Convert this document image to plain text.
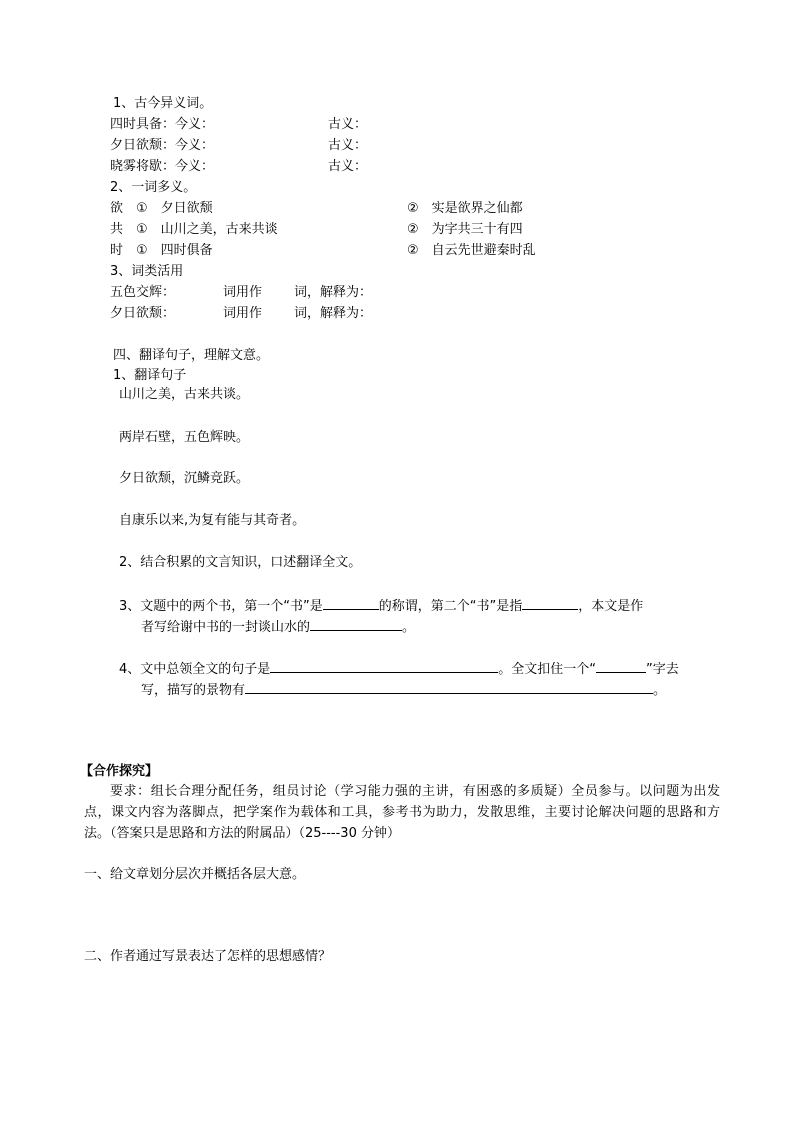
1、古今异义词。
四时具备：今义：	古义：
夕日欲颓：今义：	古义：
晓雾将歇：今义：	古义：
2、一词多义。
欲　①　夕日欲颓	②　实是欲界之仙都
共　①　山川之美，古来共谈	②　为字共三十有四
时　①　四时俱备	②　自云先世避秦时乱
3、词类活用
五色交辉：	词用作 词，解释为：
夕日欲颓：	词用作 词，解释为：
四、翻译句子，理解文意。
1、翻译句子
山川之美，古来共谈。
两岸石壁，五色辉映。
夕日欲颓，沉鳞竞跃。
自康乐以来,为复有能与其奇者。
2、结合积累的文言知识，口述翻译全文。
3、文题中的两个书，第一个“书”是	的称谓，第二个“书”是指	，本文是作
者写给谢中书的一封谈山水的	。
4、文中总领全文的句子是	。全文扣住一个“	”字去
写，描写的景物有	。
【合作探究】
要求：组长合理分配任务，组员讨论（学习能力强的主讲，有困惑的多质疑）全员参与。以问题为出发点，课文内容为落脚点，把学案作为载体和工具，参考书为助力，发散思维，主要讨论解决问题的思路和方法。（答案只是思路和方法的附属品）（25----30 分钟）
一、给文章划分层次并概括各层大意。
二、作者通过写景表达了怎样的思想感情？
